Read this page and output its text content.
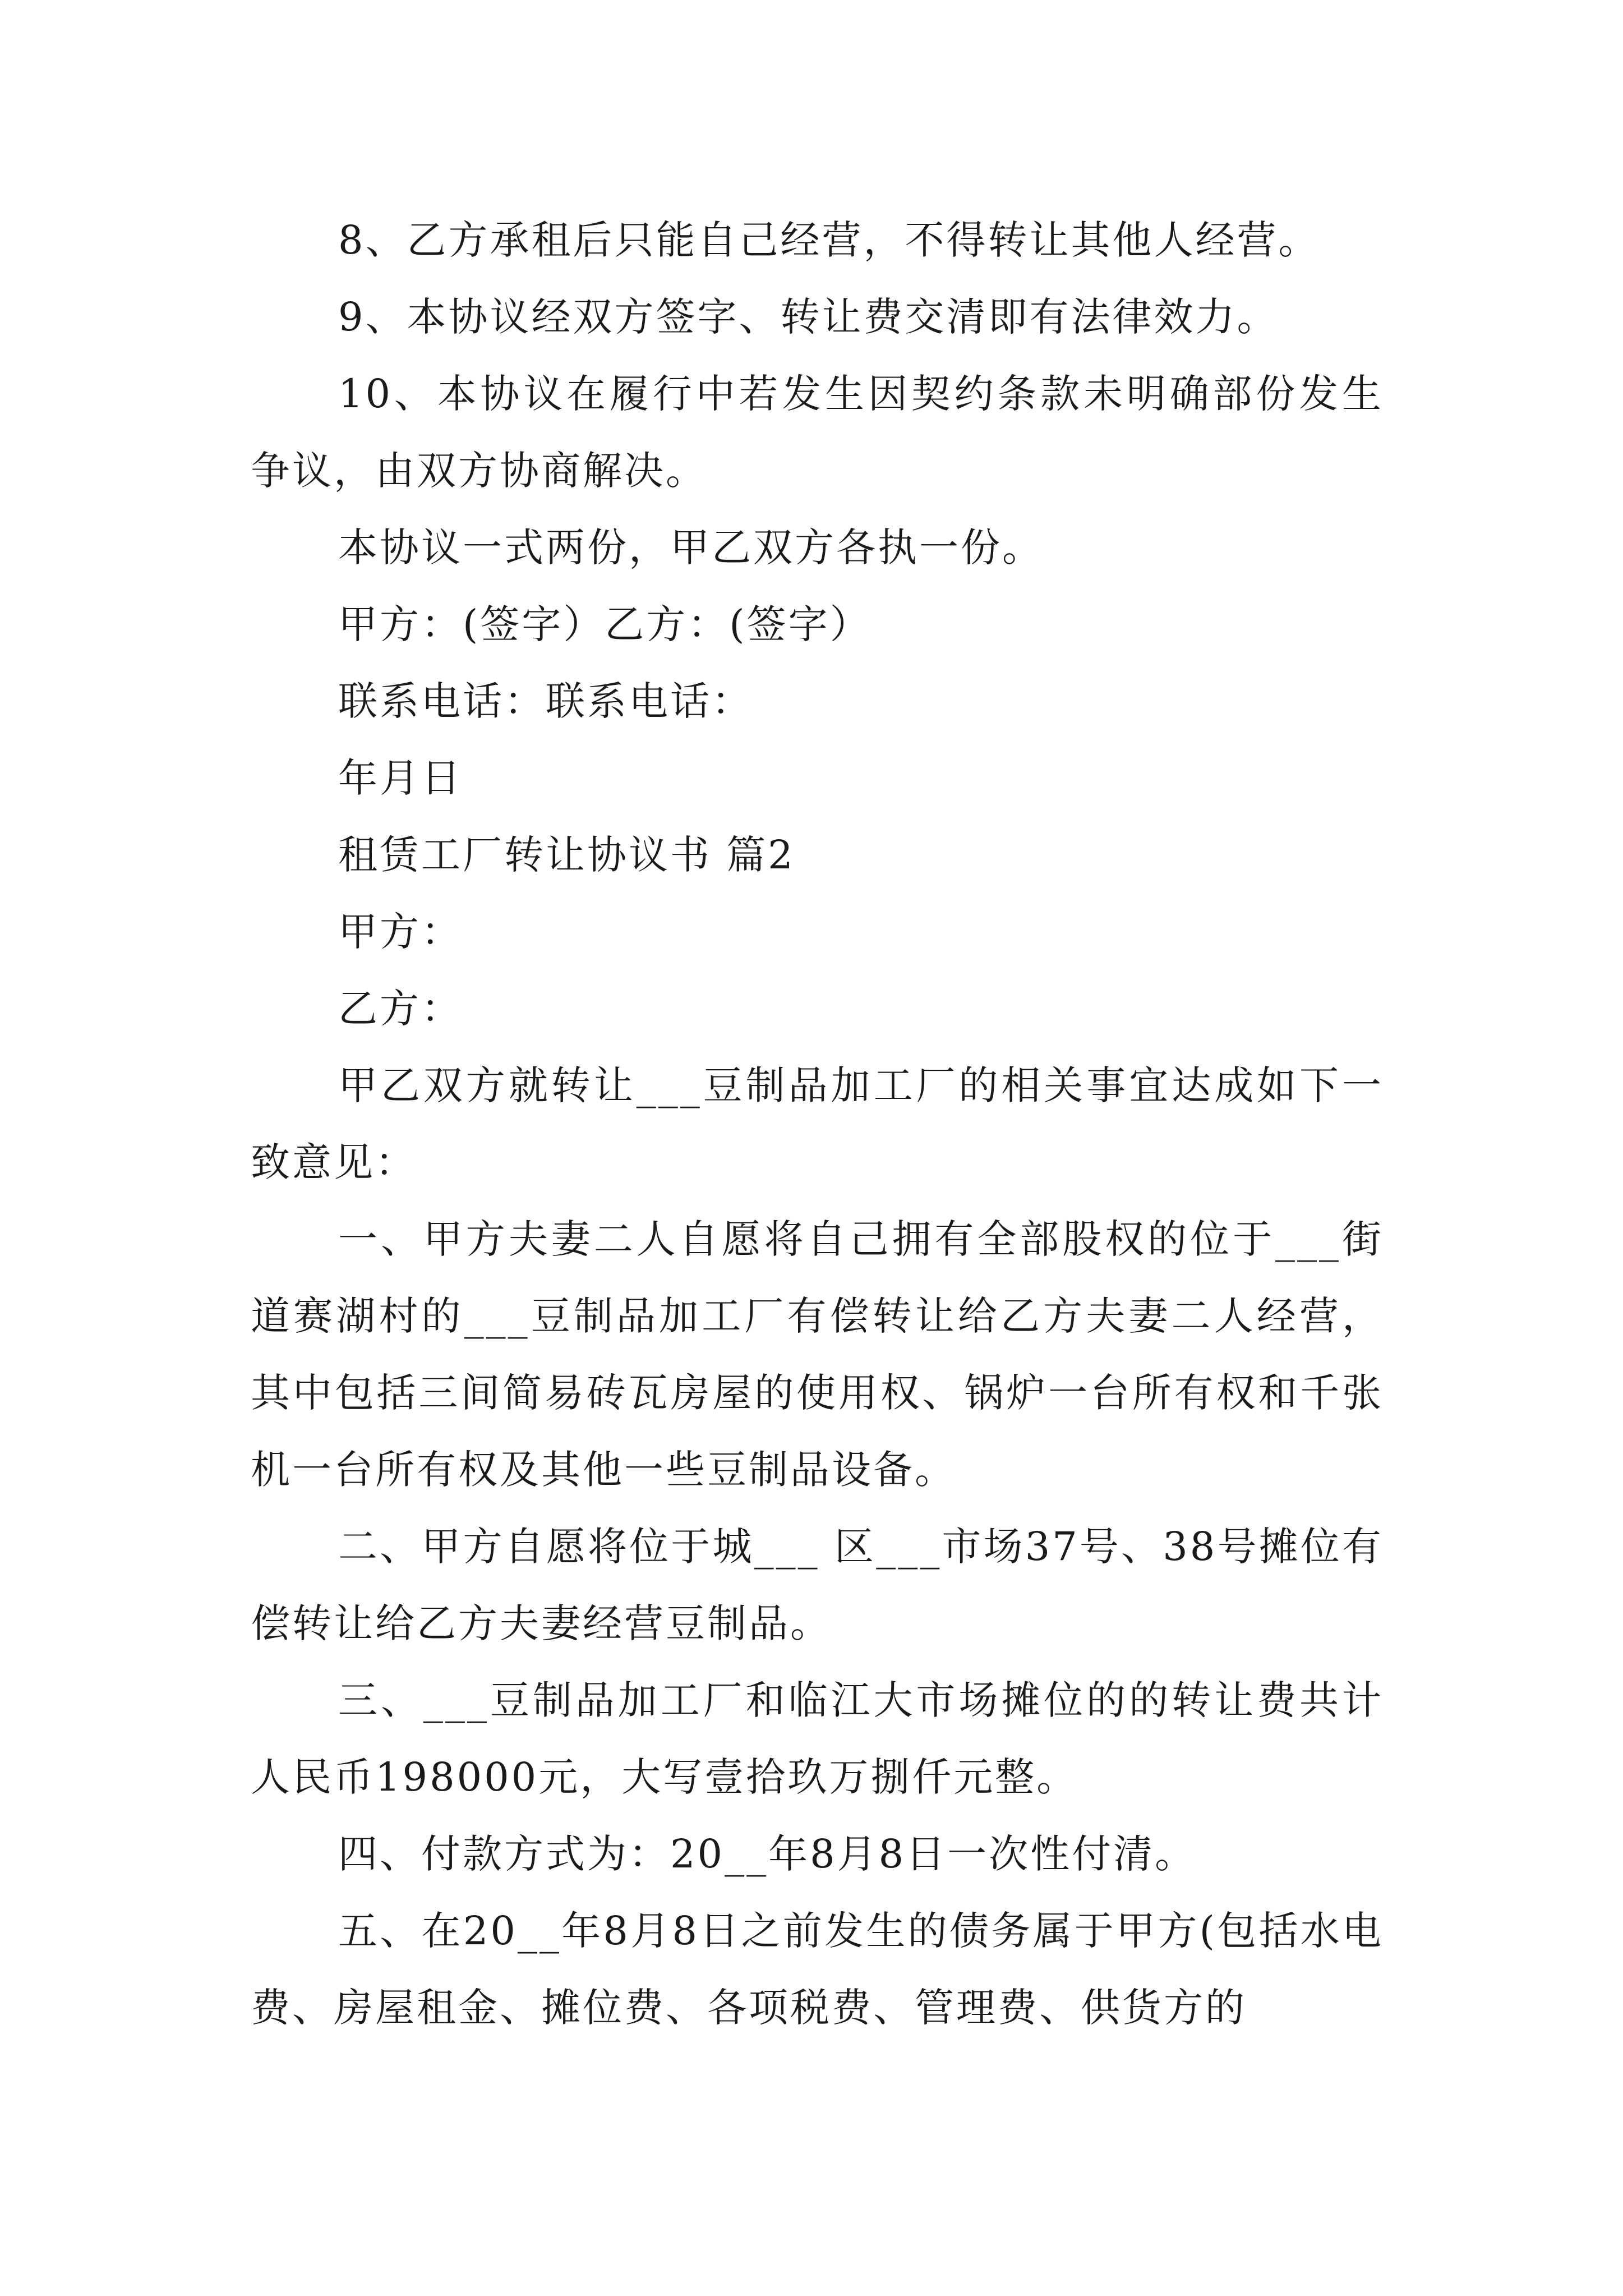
8、乙方承租后只能自己经营，不得转让其他人经营。

9、本协议经双方签字、转让费交清即有法律效力。

10、本协议在履行中若发生因契约条款未明确部份发生争议，由双方协商解决。

本协议一式两份，甲乙双方各执一份。

甲方：(签字）乙方：(签字）

联系电话：联系电话：

年月日

租赁工厂转让协议书 篇2

甲方：

乙方：

甲乙双方就转让___豆制品加工厂的相关事宜达成如下一致意见：

一、甲方夫妻二人自愿将自己拥有全部股权的位于___街道赛湖村的___豆制品加工厂有偿转让给乙方夫妻二人经营，其中包括三间简易砖瓦房屋的使用权、锅炉一台所有权和千张机一台所有权及其他一些豆制品设备。

二、甲方自愿将位于城___ 区___市场37号、38号摊位有偿转让给乙方夫妻经营豆制品。

三、___豆制品加工厂和临江大市场摊位的的转让费共计人民币198000元，大写壹拾玖万捌仟元整。

四、付款方式为：20__年8月8日一次性付清。

五、在20__年8月8日之前发生的债务属于甲方(包括水电费、房屋租金、摊位费、各项税费、管理费、供货方的
